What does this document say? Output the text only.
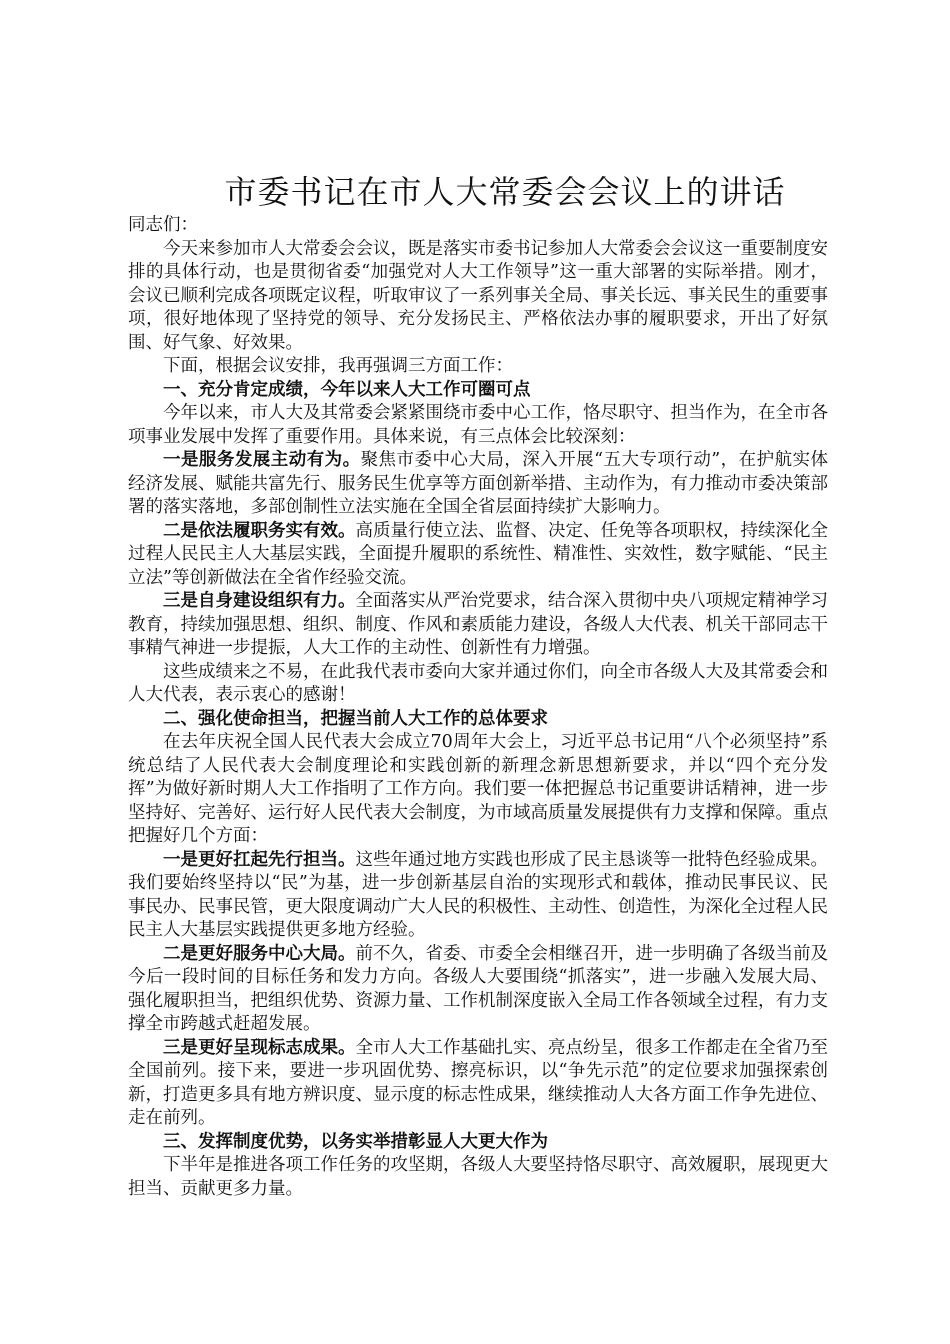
市委书记在市人大常委会会议上的讲话

同志们：

今天来参加市人大常委会会议，既是落实市委书记参加人大常委会会议这一重要制度安排的具体行动，也是贯彻省委“加强党对人大工作领导”这一重大部署的实际举措。刚才，会议已顺利完成各项既定议程，听取审议了一系列事关全局、事关长远、事关民生的重要事项，很好地体现了坚持党的领导、充分发扬民主、严格依法办事的履职要求，开出了好氛围、好气象、好效果。

下面，根据会议安排，我再强调三方面工作：

一、充分肯定成绩，今年以来人大工作可圈可点

今年以来，市人大及其常委会紧紧围绕市委中心工作，恪尽职守、担当作为，在全市各项事业发展中发挥了重要作用。具体来说，有三点体会比较深刻：

一是服务发展主动有为。聚焦市委中心大局，深入开展“五大专项行动”，在护航实体经济发展、赋能共富先行、服务民生优享等方面创新举措、主动作为，有力推动市委决策部署的落实落地，多部创制性立法实施在全国全省层面持续扩大影响力。

二是依法履职务实有效。高质量行使立法、监督、决定、任免等各项职权，持续深化全过程人民民主人大基层实践，全面提升履职的系统性、精准性、实效性，数字赋能、“民主立法”等创新做法在全省作经验交流。

三是自身建设组织有力。全面落实从严治党要求，结合深入贯彻中央八项规定精神学习教育，持续加强思想、组织、制度、作风和素质能力建设，各级人大代表、机关干部同志干事精气神进一步提振，人大工作的主动性、创新性有力增强。

这些成绩来之不易，在此我代表市委向大家并通过你们，向全市各级人大及其常委会和人大代表，表示衷心的感谢！

二、强化使命担当，把握当前人大工作的总体要求

在去年庆祝全国人民代表大会成立70周年大会上，习近平总书记用“八个必须坚持”系统总结了人民代表大会制度理论和实践创新的新理念新思想新要求，并以“四个充分发挥”为做好新时期人大工作指明了工作方向。我们要一体把握总书记重要讲话精神，进一步坚持好、完善好、运行好人民代表大会制度，为市域高质量发展提供有力支撑和保障。重点把握好几个方面：

一是更好扛起先行担当。这些年通过地方实践也形成了民主恳谈等一批特色经验成果。我们要始终坚持以“民”为基，进一步创新基层自治的实现形式和载体，推动民事民议、民事民办、民事民管，更大限度调动广大人民的积极性、主动性、创造性，为深化全过程人民民主人大基层实践提供更多地方经验。

二是更好服务中心大局。前不久，省委、市委全会相继召开，进一步明确了各级当前及今后一段时间的目标任务和发力方向。各级人大要围绕“抓落实”，进一步融入发展大局、强化履职担当，把组织优势、资源力量、工作机制深度嵌入全局工作各领域全过程，有力支撑全市跨越式赶超发展。

三是更好呈现标志成果。全市人大工作基础扎实、亮点纷呈，很多工作都走在全省乃至全国前列。接下来，要进一步巩固优势、擦亮标识，以“争先示范”的定位要求加强探索创新，打造更多具有地方辨识度、显示度的标志性成果，继续推动人大各方面工作争先进位、走在前列。

三、发挥制度优势，以务实举措彰显人大更大作为

下半年是推进各项工作任务的攻坚期，各级人大要坚持恪尽职守、高效履职，展现更大担当、贡献更多力量。
